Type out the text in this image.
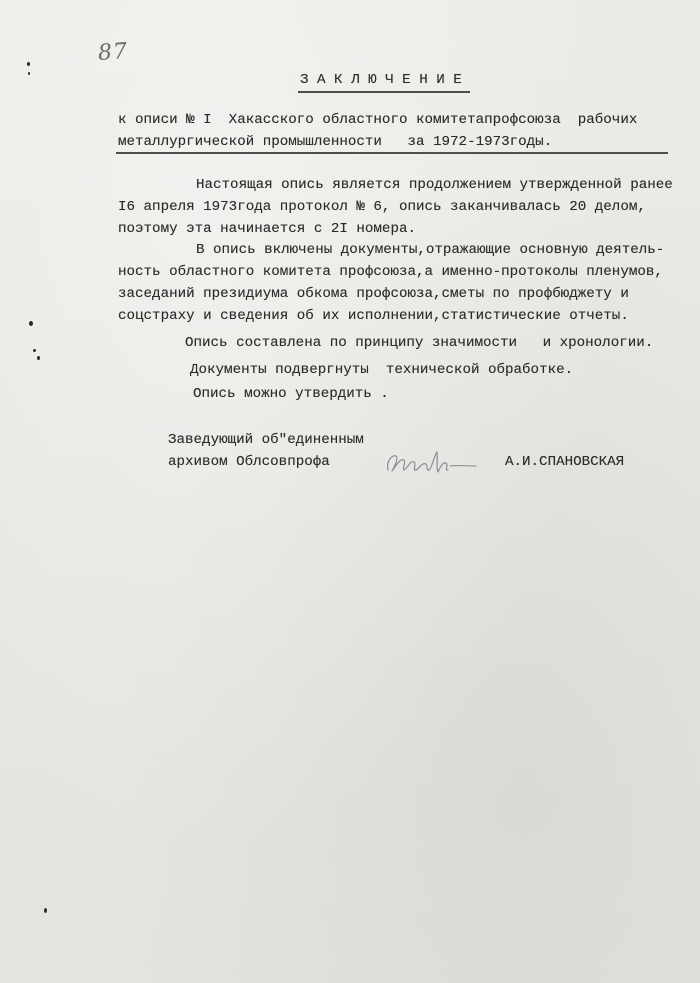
87
З А К Л Ю Ч Е Н И Е
к описи № I  Хакасского областного комитетапрофсоюза  рабочих
металлургической промышленности   за 1972-1973годы.
Настоящая опись является продолжением утвержденной ранее
I6 апреля 1973года протокол № 6, опись заканчивалась 20 делом,
поэтому эта начинается с 2I номера.
В опись включены документы,отражающие основную деятель-
ность областного комитета профсоюза,а именно-протоколы пленумов,
заседаний президиума обкома профсоюза,сметы по профбюджету и
соцстраху и сведения об их исполнении,статистические отчеты.
Опись составлена по принципу значимости   и хронологии.
Документы подвергнуты  технической обработке.
Опись можно утвердить .
Заведующий об"единенным
архивом Облсовпрофа	А.И.СПАНОВСКАЯ
